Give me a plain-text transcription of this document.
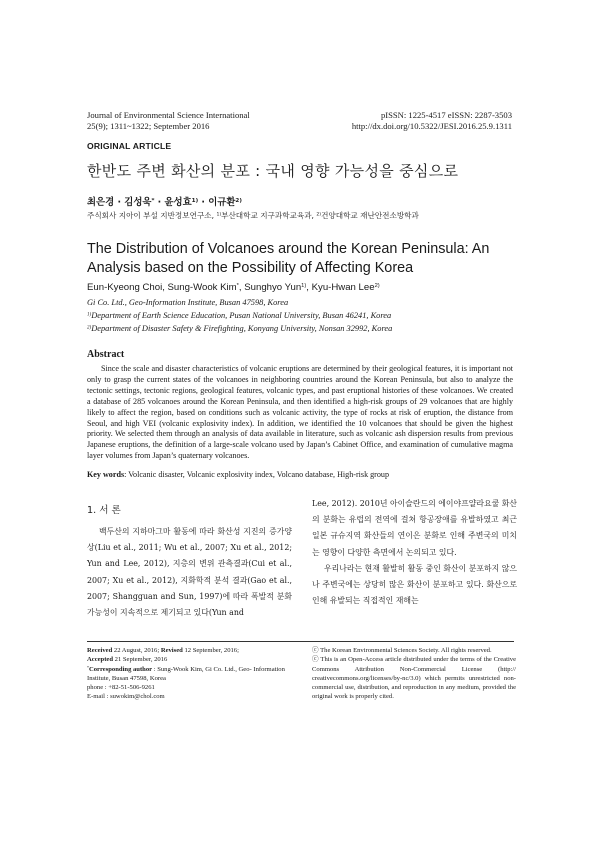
Journal of Environmental Science International
25(9); 1311~1322; September 2016
pISSN: 1225-4517 eISSN: 2287-3503
http://dx.doi.org/10.5322/JESI.2016.25.9.1311
ORIGINAL ARTICLE
한반도 주변 화산의 분포 : 국내 영향 가능성을 중심으로
최은경 · 김성욱* · 윤성효$^{1)}$ · 이규환$^{2)}$
주식회사 지아이 부설 지반정보연구소, $^{1)}$부산대학교 지구과학교육과, $^{2)}$건양대학교 재난안전소방학과
The Distribution of Volcanoes around the Korean Peninsula: An Analysis based on the Possibility of Affecting Korea
Eun-Kyeong Choi, Sung-Wook Kim*, Sunghyo Yun$^{1)}$, Kyu-Hwan Lee$^{2)}$
Gi Co. Ltd., Geo-Information Institute, Busan 47598, Korea
$^{1)}$Department of Earth Science Education, Pusan National University, Busan 46241, Korea
$^{2)}$Department of Disaster Safety & Firefighting, Konyang University, Nonsan 32992, Korea
Abstract
Since the scale and disaster characteristics of volcanic eruptions are determined by their geological features, it is important not only to grasp the current states of the volcanoes in neighboring countries around the Korean Peninsula, but also to analyze the tectonic settings, tectonic regions, geological features, volcanic types, and past eruptional histories of these volcanoes. We created a database of 285 volcanoes around the Korean Peninsula, and then identified a high-risk groups of 29 volcanoes that are highly likely to affect the region, based on conditions such as volcanic activity, the type of rocks at risk of eruption, the distance from Seoul, and high VEI (volcanic explosivity index). In addition, we identified the 10 volcanoes that should be given the highest priority. We selected them through an analysis of data available in literature, such as volcanic ash dispersion results from previous Japanese eruptions, the definition of a large-scale volcano used by Japan’s Cabinet Office, and examination of cumulative magma layer volumes from Japan’s quaternary volcanoes.
Key words: Volcanic disaster, Volcanic explosivity index, Volcano database, High-risk group
1. 서 론
백두산의 지하마그마 활동에 따라 화산성 지진의 증가양상(Liu et al., 2011; Wu et al., 2007; Xu et al., 2012; Yun and Lee, 2012), 지층의 변위 관측결과(Cui et al., 2007; Xu et al., 2012), 지화학적 분석 결과(Gao et al., 2007; Shangguan and Sun, 1997)에 따라 폭발적 분화가능성이 지속적으로 제기되고 있다(Yun and

Lee, 2012). 2010년 아이슬란드의 에이야프얄라요쿨 화산의 분화는 유럽의 전역에 걸쳐 항공장애를 유발하였고 최근 일본 규슈지역 화산들의 연이은 분화로 인해 주변국의 미치는 영향이 다양한 측면에서 논의되고 있다.

우리나라는 현재 활발히 활동 중인 화산이 분포하지 않으나 주변국에는 상당히 많은 화산이 분포하고 있다. 화산으로 인해 유발되는 직접적인 재해는

Received 22 August, 2016; Revised 12 September, 2016;
Accepted 21 September, 2016
*Corresponding author : Sung-Wook Kim, Gi Co. Ltd., Geo- Information
Institute, Busan 47598, Korea
phone : +82-51-506-9261
E-mail : suwokim@chol.com
ⓒ The Korean Environmental Sciences Society. All rights reserved.
ⓒ This is an Open-Access article distributed under the terms of the Creative Commons Attribution Non-Commercial License (http:// creativecommons.org/licenses/by-nc/3.0) which permits unrestricted non-commercial use, distribution, and reproduction in any medium, provided the original work is properly cited.
